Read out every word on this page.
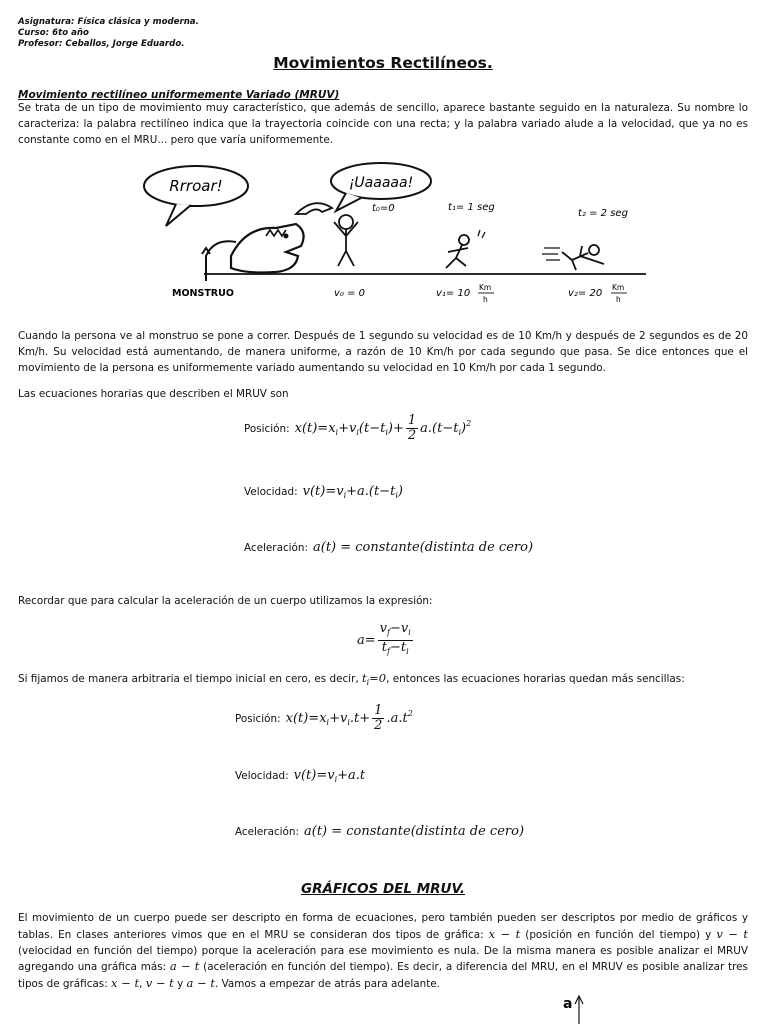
Asignatura: Física clásica y moderna.
Curso: 6to año
Profesor: Ceballos, Jorge Eduardo.
Movimientos Rectilíneos.
Movimiento rectilíneo uniformemente Variado (MRUV)
Se trata de un tipo de movimiento muy característico, que además de sencillo, aparece bastante seguido en la naturaleza. Su nombre lo caracteriza: la palabra rectilíneo indica que la trayectoria coincide con una recta; y la palabra variado alude a la velocidad, que ya no es constante como en el MRU... pero que varía uniformemente.
Rrroar!	¡Uaaaaa!
MONSTRUO
t₀=0	t₁= 1 seg
t₂ = 2 seg
v₀ = 0	v₁= 10
Km
h
v₂= 20
Km
h
Cuando la persona ve al monstruo se pone a correr. Después de 1 segundo su velocidad es de 10 Km/h y después de 2 segundos es de 20 Km/h. Su velocidad está aumentando, de manera uniforme, a razón de 10 Km/h por cada segundo que pasa. Se dice entonces que el movimiento de la persona es uniformemente variado aumentando su velocidad en 10 Km/h por cada 1 segundo.
Las ecuaciones horarias que describen el MRUV son
Posición: $x(t)=x_i+v_i(t-t_i)+ \frac{1}{2} a.(t-t_i)^2$
Velocidad: $v(t)=v_i+a.(t-t_i)$
Aceleración: a(t) = constante(distinta de cero)
Recordar que para calcular la aceleración de un cuerpo utilizamos la expresión:
$a= \frac{v_f-v_i}{t_f-t_i}$
Si fijamos de manera arbitraria el tiempo inicial en cero, es decir, $t_i=0$, entonces las ecuaciones horarias quedan más sencillas:
Posición: $x(t)=x_i+v_i.t+ \frac{1}{2} .a.t^2$
Velocidad: $v(t)=v_i+a.t$
Aceleración: a(t) = constante(distinta de cero)
GRÁFICOS DEL MRUV.
El movimiento de un cuerpo puede ser descripto en forma de ecuaciones, pero también pueden ser descriptos por medio de gráficos y tablas. En clases anteriores vimos que en el MRU se consideran dos tipos de gráfica: x − t (posición en función del tiempo) y v − t (velocidad en función del tiempo) porque la aceleración para ese movimiento es nula. De la misma manera es posible analizar el MRUV agregando una gráfica más: a − t (aceleración en función del tiempo). Es decir, a diferencia del MRU, en el MRUV es posible analizar tres tipos de gráficas: x − t, v − t y a − t. Vamos a empezar de atrás para adelante.
a
